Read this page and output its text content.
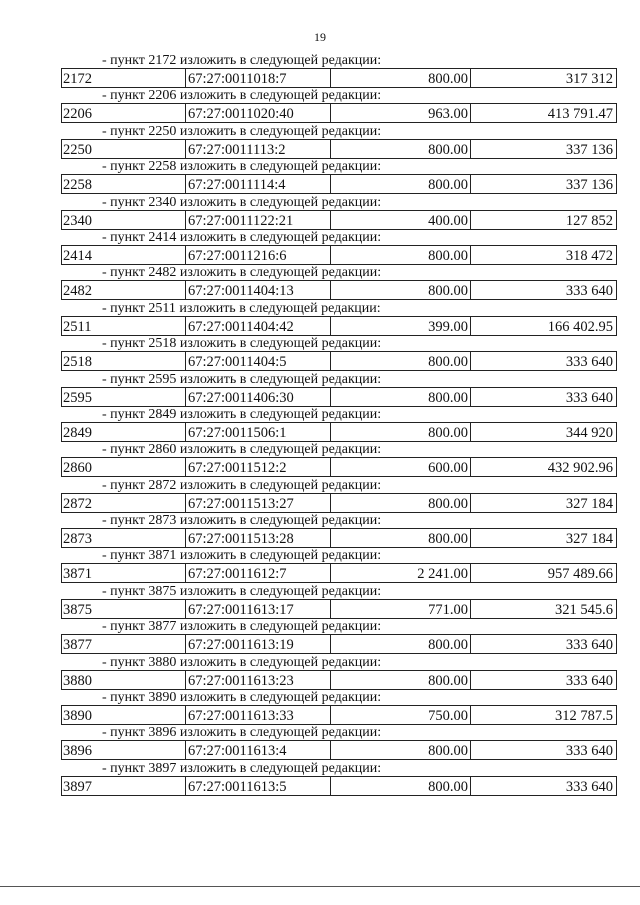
19
- пункт 2172 изложить в следующей редакции:
2172	67:27:0011018:7	800.00	317 312
- пункт 2206 изложить в следующей редакции:
2206	67:27:0011020:40	963.00	413 791.47
- пункт 2250 изложить в следующей редакции:
2250	67:27:0011113:2	800.00	337 136
- пункт 2258 изложить в следующей редакции:
2258	67:27:0011114:4	800.00	337 136
- пункт 2340 изложить в следующей редакции:
2340	67:27:0011122:21	400.00	127 852
- пункт 2414 изложить в следующей редакции:
2414	67:27:0011216:6	800.00	318 472
- пункт 2482 изложить в следующей редакции:
2482	67:27:0011404:13	800.00	333 640
- пункт 2511 изложить в следующей редакции:
2511	67:27:0011404:42	399.00	166 402.95
- пункт 2518 изложить в следующей редакции:
2518	67:27:0011404:5	800.00	333 640
- пункт 2595 изложить в следующей редакции:
2595	67:27:0011406:30	800.00	333 640
- пункт 2849 изложить в следующей редакции:
2849	67:27:0011506:1	800.00	344 920
- пункт 2860 изложить в следующей редакции:
2860	67:27:0011512:2	600.00	432 902.96
- пункт 2872 изложить в следующей редакции:
2872	67:27:0011513:27	800.00	327 184
- пункт 2873 изложить в следующей редакции:
2873	67:27:0011513:28	800.00	327 184
- пункт 3871 изложить в следующей редакции:
3871	67:27:0011612:7	2 241.00	957 489.66
- пункт 3875 изложить в следующей редакции:
3875	67:27:0011613:17	771.00	321 545.6
- пункт 3877 изложить в следующей редакции:
3877	67:27:0011613:19	800.00	333 640
- пункт 3880 изложить в следующей редакции:
3880	67:27:0011613:23	800.00	333 640
- пункт 3890 изложить в следующей редакции:
3890	67:27:0011613:33	750.00	312 787.5
- пункт 3896 изложить в следующей редакции:
3896	67:27:0011613:4	800.00	333 640
- пункт 3897 изложить в следующей редакции:
3897	67:27:0011613:5	800.00	333 640
